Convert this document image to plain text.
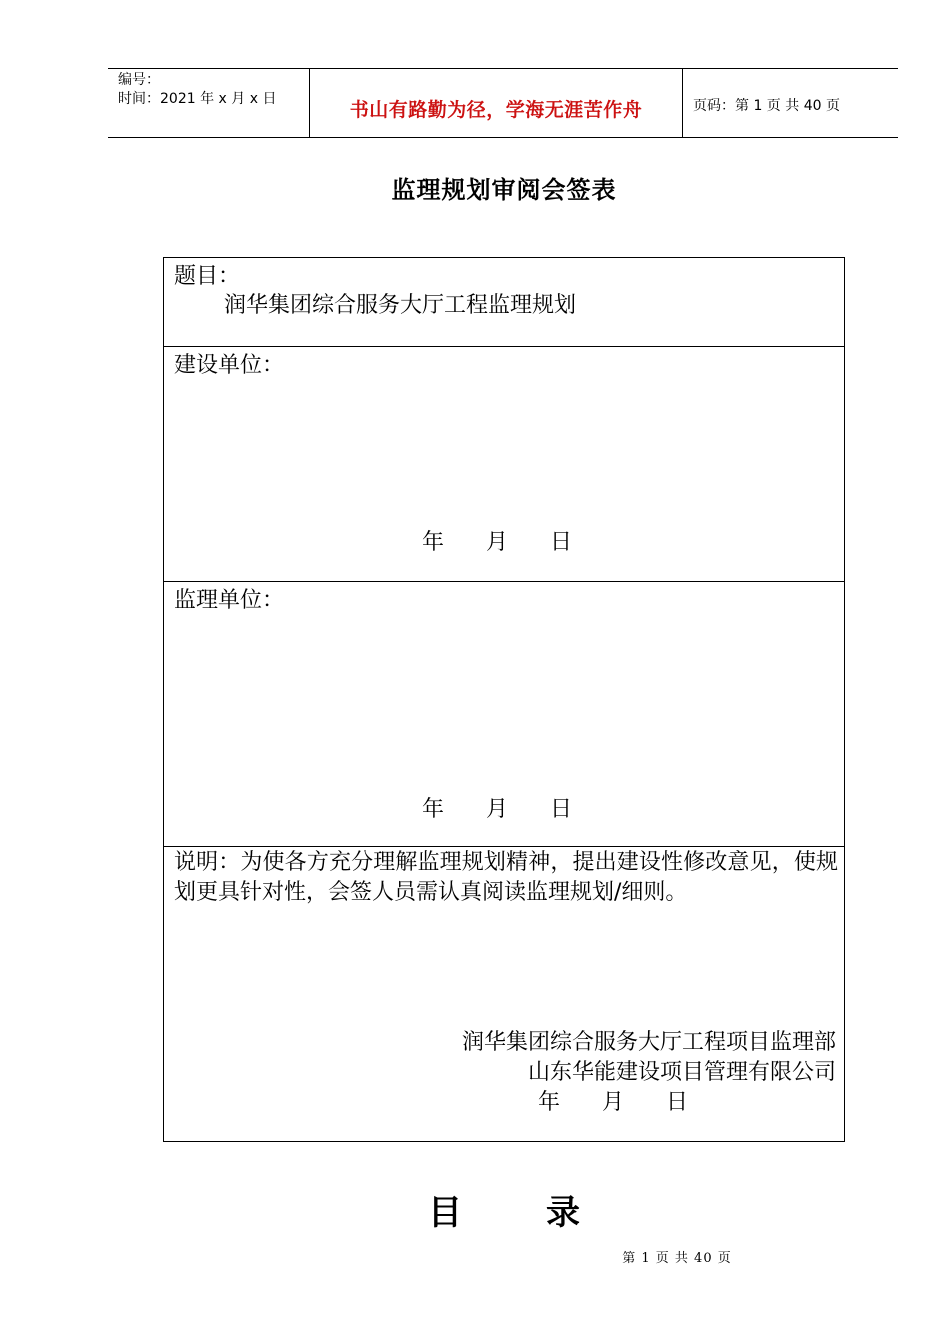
编号：
时间：2021 年 x 月 x 日	书山有路勤为径，学海无涯苦作舟	页码：第 1 页 共 40 页
监理规划审阅会签表
题目：
润华集团综合服务大厅工程监理规划
建设单位：
年 月 日
监理单位：
年 月 日
说明：为使各方充分理解监理规划精神，提出建设性修改意见，使规划更具针对性，会签人员需认真阅读监理规划/细则。
润华集团综合服务大厅工程项目监理部
山东华能建设项目管理有限公司
年 月 日
目 录
第 1 页 共 40 页
